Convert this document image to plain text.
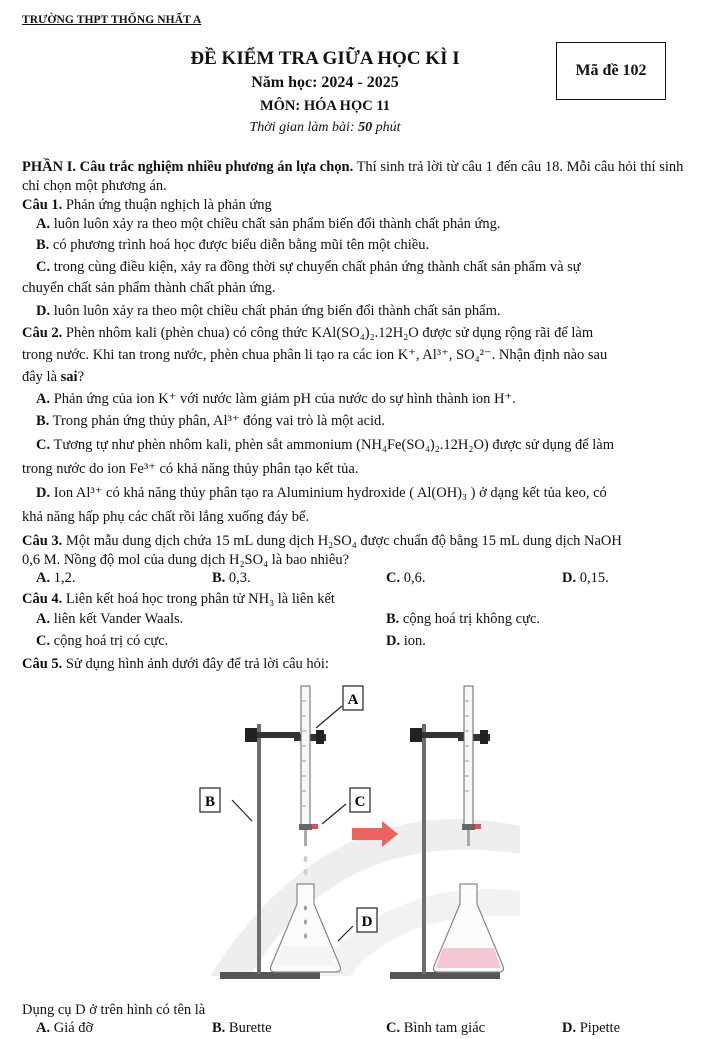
TRƯỜNG THPT THỐNG NHẤT A
ĐỀ KIỂM TRA GIỮA HỌC KÌ I
Năm học: 2024 - 2025
MÔN: HÓA HỌC 11
Thời gian làm bài: 50 phút
Mã đề 102
PHẦN I. Câu trắc nghiệm nhiều phương án lựa chọn. Thí sinh trả lời từ câu 1 đến câu 18. Mỗi câu hỏi thí sinh chỉ chọn một phương án.
Câu 1. Phản ứng thuận nghịch là phản ứng
A. luôn luôn xảy ra theo một chiều chất sản phẩm biến đổi thành chất phản ứng.
B. có phương trình hoá học được biểu diễn bằng mũi tên một chiều.
C. trong cùng điều kiện, xảy ra đồng thời sự chuyển chất phản ứng thành chất sản phẩm và sự
chuyển chất sản phẩm thành chất phản ứng.
D. luôn luôn xảy ra theo một chiều chất phản ứng biến đổi thành chất sản phẩm.
Câu 2. Phèn nhôm kali (phèn chua) có công thức KAl(SO₄)₂.12H₂O được sử dụng rộng rãi để làm
trong nước. Khi tan trong nước, phèn chua phân li tạo ra các ion K⁺, Al³⁺, SO₄²⁻. Nhận định nào sau
đây là sai?
A. Phản ứng của ion K⁺ với nước làm giảm pH của nước do sự hình thành ion H⁺.
B. Trong phản ứng thủy phân, Al³⁺ đóng vai trò là một acid.
C. Tương tự như phèn nhôm kali, phèn sắt ammonium (NH₄Fe(SO₄)₂.12H₂O) được sử dụng để làm
trong nước do ion Fe³⁺ có khả năng thủy phân tạo kết tủa.
D. Ion Al³⁺ có khả năng thủy phân tạo ra Aluminium hydroxide ( Al(OH)₃ ) ở dạng kết tủa keo, có
khả năng hấp phụ các chất rồi lắng xuống đáy bể.
Câu 3. Một mẫu dung dịch chứa 15 mL dung dịch H₂SO₄ được chuẩn độ bằng 15 mL dung dịch NaOH
0,6 M. Nồng độ mol của dung dịch H₂SO₄ là bao nhiêu?
A. 1,2.	B. 0,3.	C. 0,6.	D. 0,15.
Câu 4. Liên kết hoá học trong phân tử NH₃ là liên kết
A. liên kết Vander Waals.	B. cộng hoá trị không cực.
C. cộng hoá trị có cực.	D. ion.
Câu 5. Sử dụng hình ảnh dưới đây để trả lời câu hỏi:
A
B	C
D
Dụng cụ D ở trên hình có tên là
A. Giá đỡ	B. Burette	C. Bình tam giác	D. Pipette
